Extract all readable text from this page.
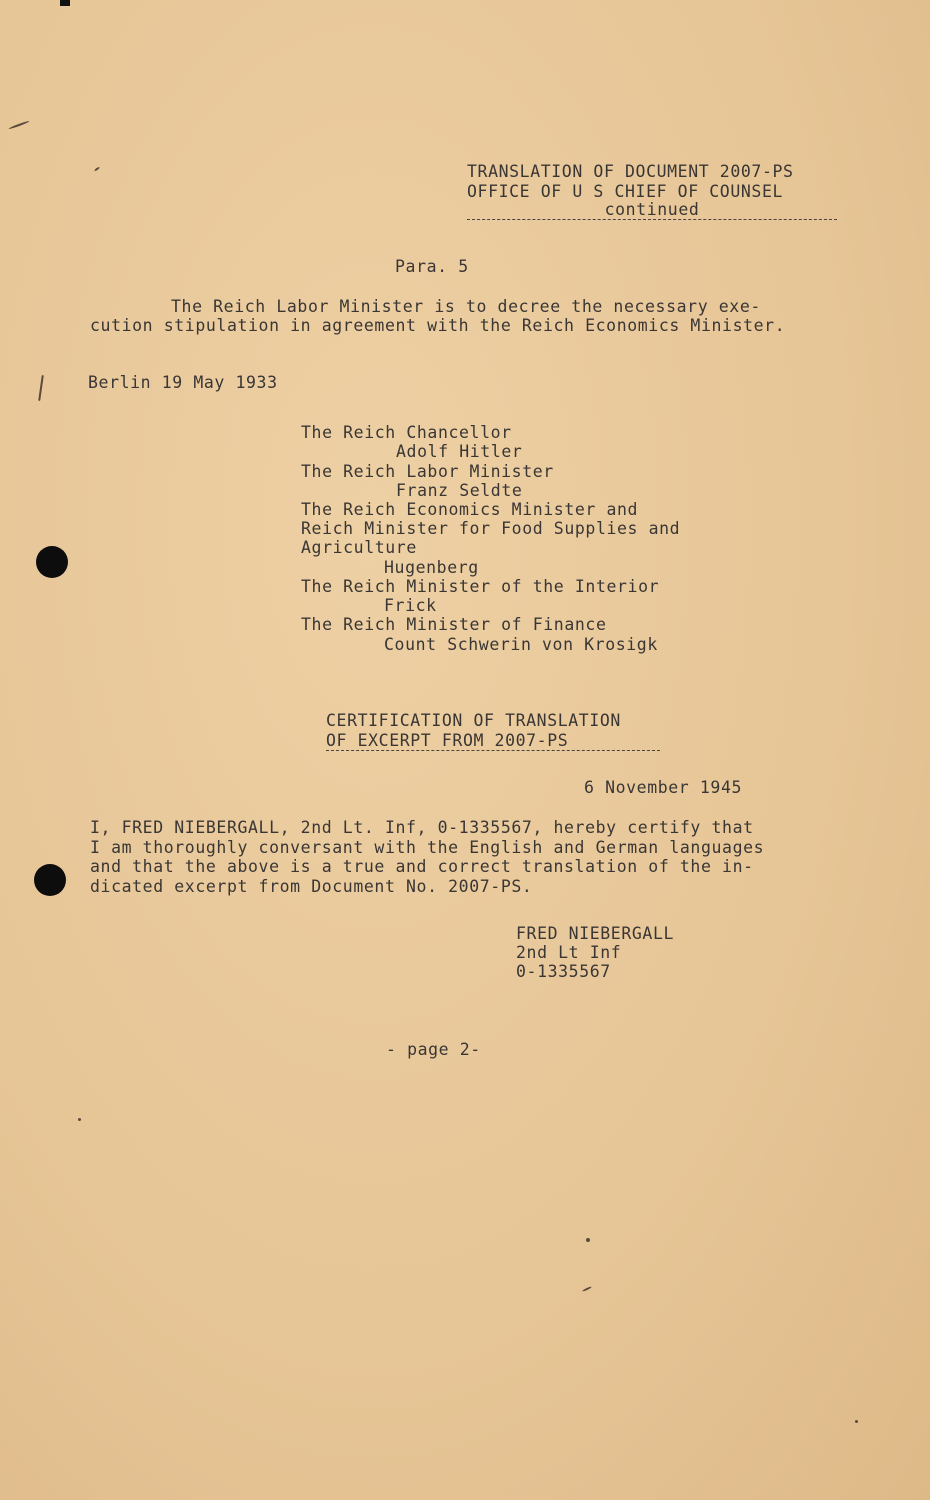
TRANSLATION OF DOCUMENT 2007-PS
OFFICE OF U S CHIEF OF COUNSEL
continued
Para. 5
The Reich Labor Minister is to decree the necessary exe-
cution stipulation in agreement with the Reich Economics Minister.
Berlin 19 May 1933
The Reich Chancellor
Adolf Hitler
The Reich Labor Minister
Franz Seldte
The Reich Economics Minister and
Reich Minister for Food Supplies and
Agriculture
Hugenberg
The Reich Minister of the Interior
Frick
The Reich Minister of Finance
Count Schwerin von Krosigk
CERTIFICATION OF TRANSLATION
OF EXCERPT FROM 2007-PS
6 November 1945
I, FRED NIEBERGALL, 2nd Lt. Inf, 0-1335567, hereby certify that
I am thoroughly conversant with the English and German languages
and that the above is a true and correct translation of the in-
dicated excerpt from Document No. 2007-PS.
FRED NIEBERGALL
2nd Lt Inf
0-1335567
- page 2-
